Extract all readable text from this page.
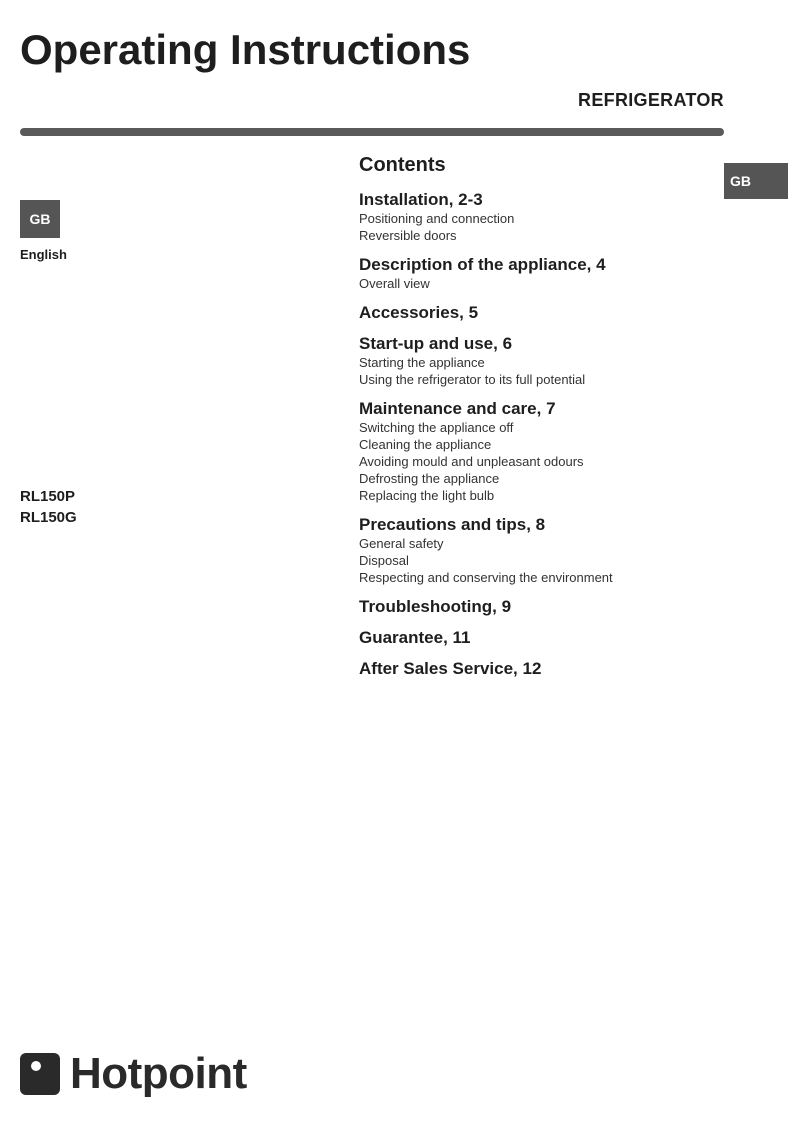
Operating Instructions
REFRIGERATOR
GB
GB
English
RL150P
RL150G
Contents
Installation, 2-3
Positioning and connection
Reversible doors
Description of the appliance, 4
Overall view
Accessories, 5
Start-up and use, 6
Starting the appliance
Using the refrigerator to its full potential
Maintenance and care, 7
Switching the appliance off
Cleaning the appliance
Avoiding mould and unpleasant odours
Defrosting the appliance
Replacing the light bulb
Precautions and tips, 8
General safety
Disposal
Respecting and conserving the environment
Troubleshooting, 9
Guarantee, 11
After Sales Service, 12
Hotpoint
